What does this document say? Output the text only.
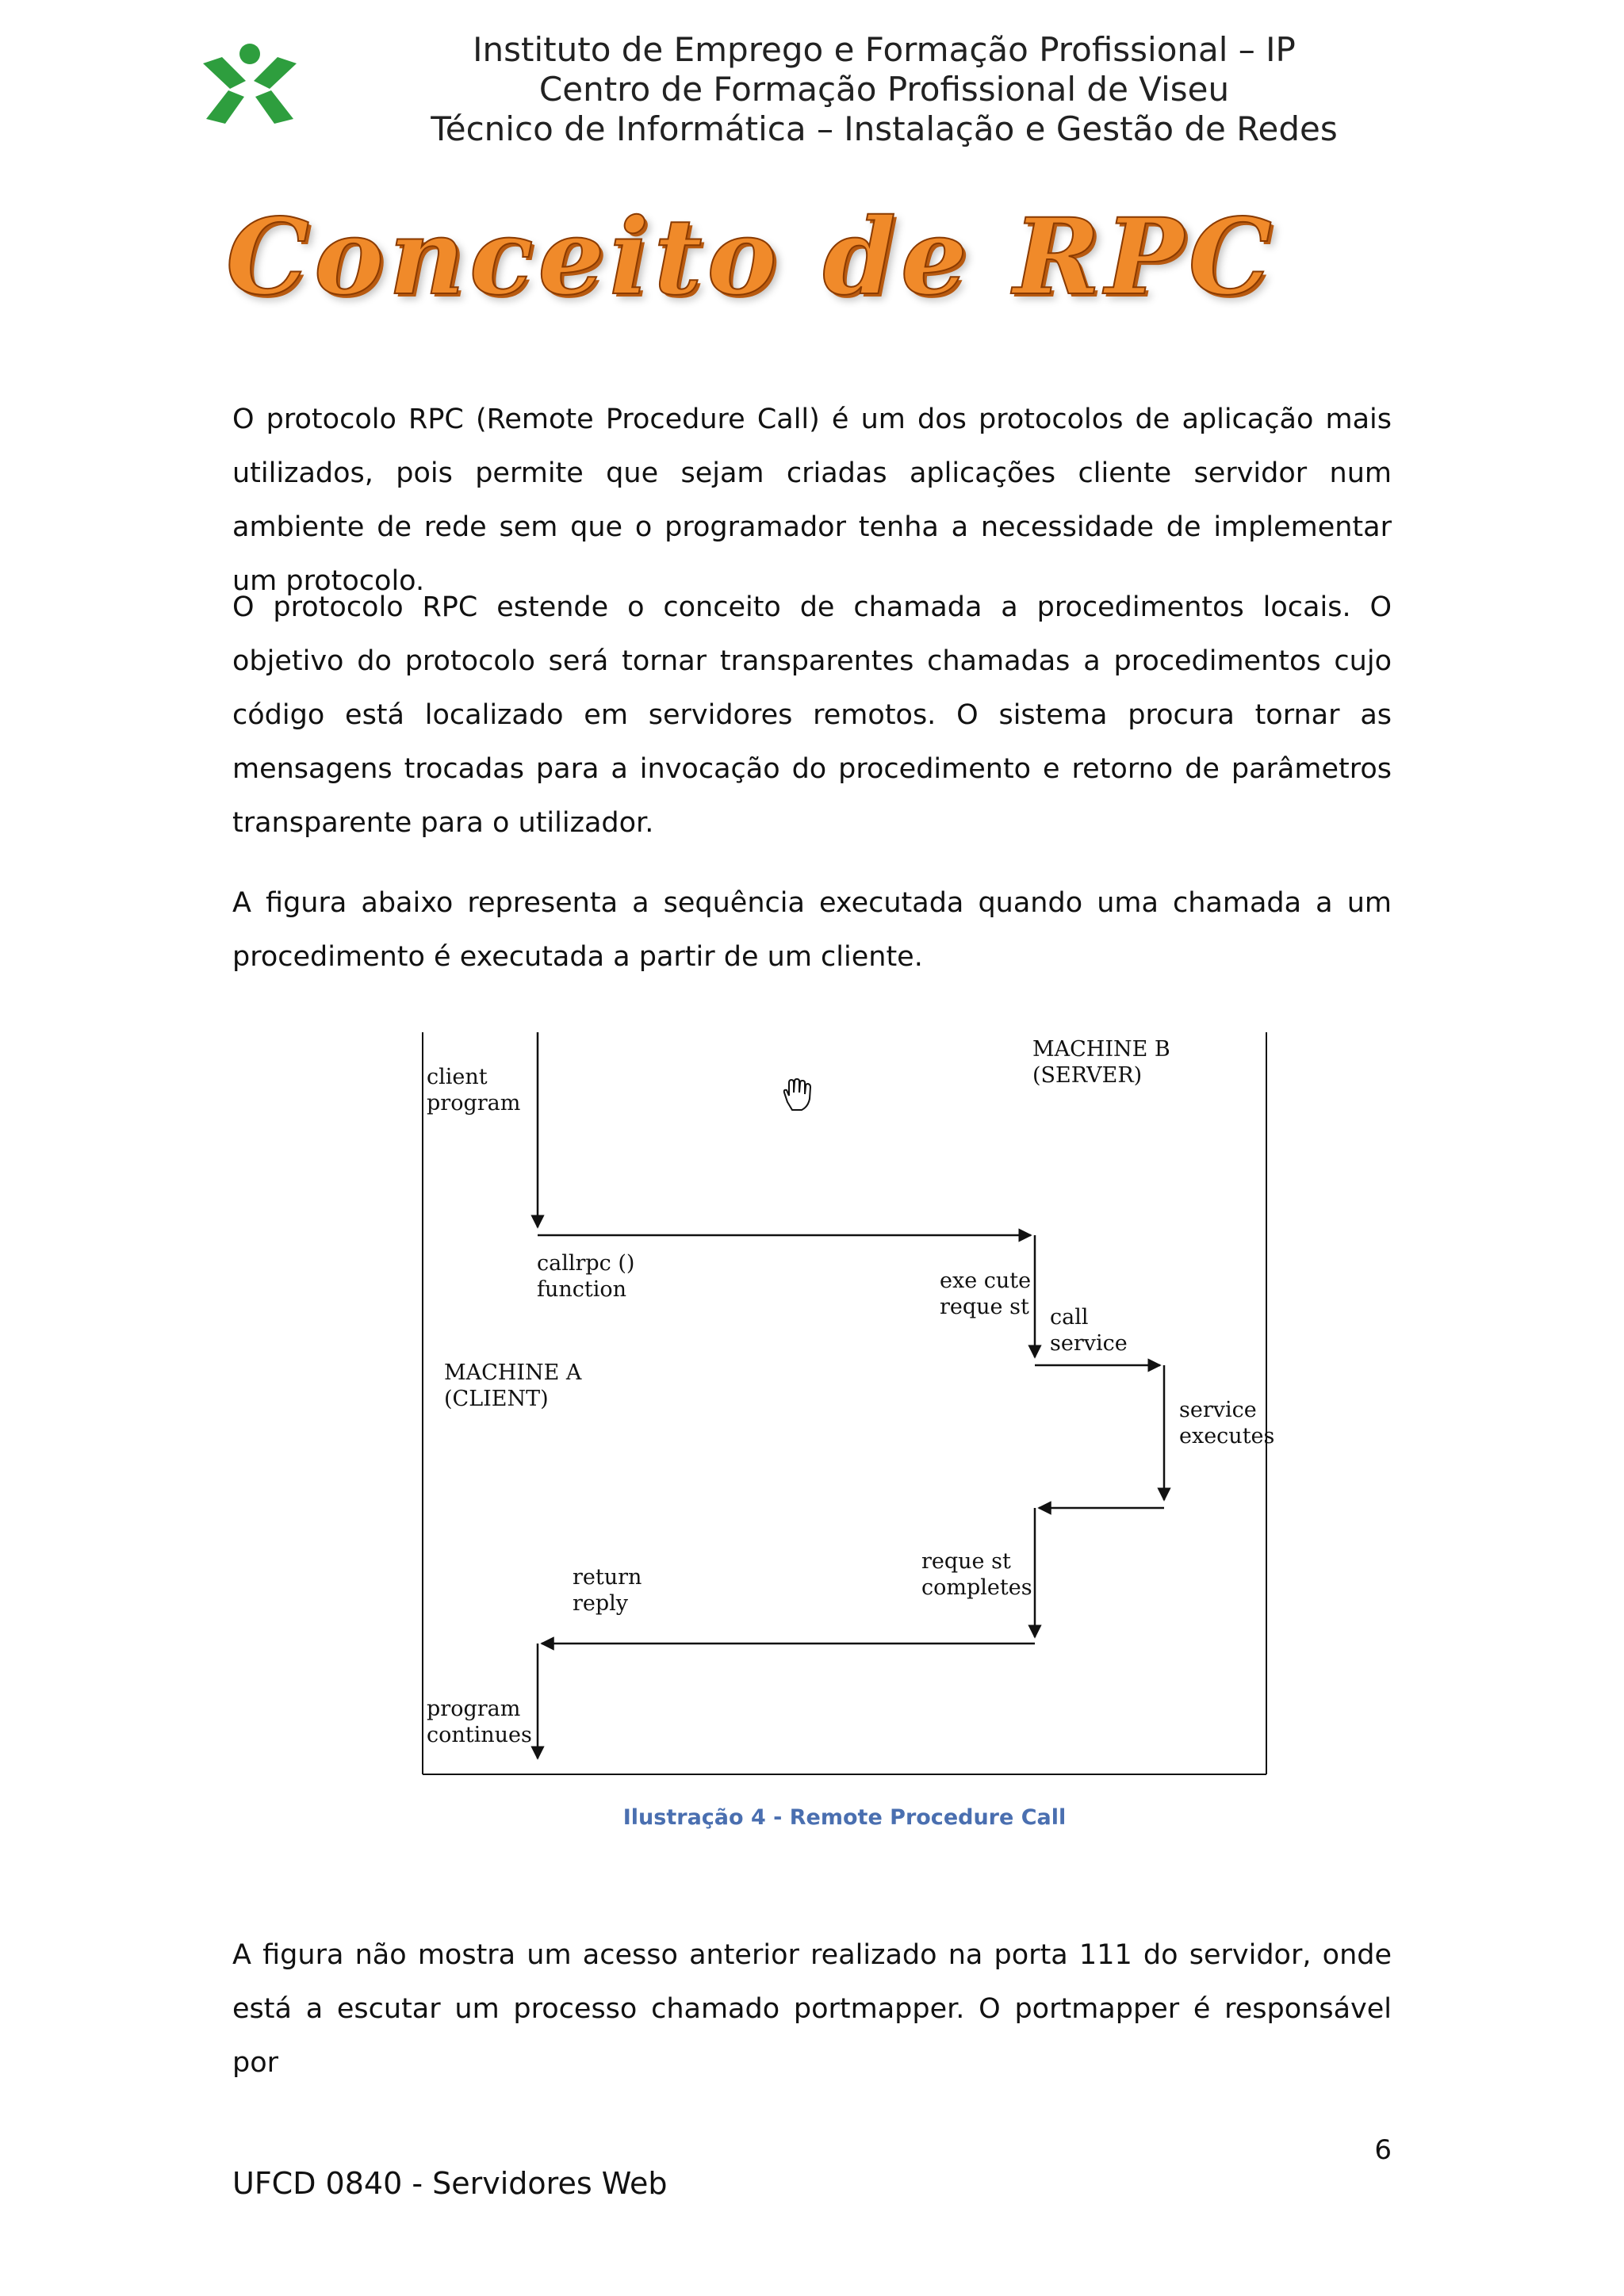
Instituto de Emprego e Formação Profissional – IP
Centro de Formação Profissional de Viseu
Técnico de Informática – Instalação e Gestão de Redes
Conceito de RPC

O protocolo RPC (Remote Procedure Call) é um dos protocolos de aplicação mais utilizados, pois permite que sejam criadas aplicações cliente servidor num ambiente de rede sem que o programador tenha a necessidade de implementar um protocolo.

O protocolo RPC estende o conceito de chamada a procedimentos locais. O objetivo do protocolo será tornar transparentes chamadas a procedimentos cujo código está localizado em servidores remotos. O sistema procura tornar as mensagens trocadas para a invocação do procedimento e retorno de parâmetros transparente para o utilizador.

A figura abaixo representa a sequência executada quando uma chamada a um procedimento é executada a partir de um cliente.

client
program
MACHINE B
(SERVER)
callrpc ()
function	exe cute
reque st call
service
MACHINE A
(CLIENT)	service
executes
reque st
completes
return
reply
program
continues
Ilustração 4 - Remote Procedure Call

A figura não mostra um acesso anterior realizado na porta 111 do servidor, onde está a escutar um processo chamado portmapper. O portmapper é responsável por

6
UFCD 0840 - Servidores Web
